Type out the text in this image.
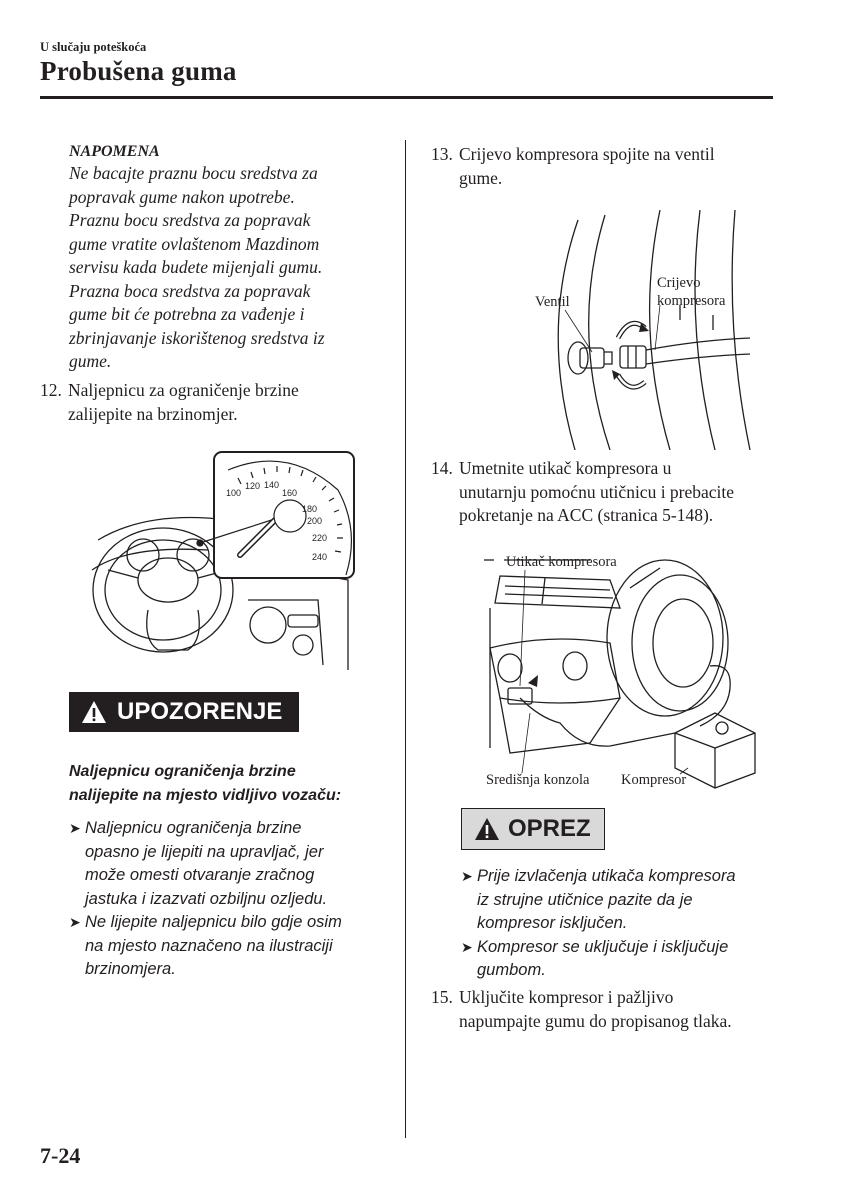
U slučaju poteškoća
Probušena guma
NAPOMENA
Ne bacajte praznu bocu sredstva za
popravak gume nakon upotrebe.
Praznu bocu sredstva za popravak
gume vratite ovlaštenom Mazdinom
servisu kada budete mijenjali gumu.
Prazna boca sredstva za popravak
gume bit će potrebna za vađenje i
zbrinjavanje iskorištenog sredstva iz
gume.
12. Naljepnicu za ograničenje brzine
zalijepite na brzinomjer.
100
120 140
160
180
200
220
240
UPOZORENJE
Naljepnicu ograničenja brzine
nalijepite na mjesto vidljivo vozaču:
➤ Naljepnicu ograničenja brzine
opasno je lijepiti na upravljač, jer
može omesti otvaranje zračnog
jastuka i izazvati ozbiljnu ozljedu.
➤ Ne lijepite naljepnicu bilo gdje osim
na mjesto naznačeno na ilustraciji
brzinomjera.
13. Crijevo kompresora spojite na ventil
gume.
Ventil
Crijevo
kompresora
14. Umetnite utikač kompresora u
unutarnju pomoćnu utičnicu i prebacite
pokretanje na ACC (stranica 5-148).
Utikač kompresora
Središnja konzola Kompresor
OPREZ
➤ Prije izvlačenja utikača kompresora
iz strujne utičnice pazite da je
kompresor isključen.
➤ Kompresor se uključuje i isključuje
gumbom.
15. Uključite kompresor i pažljivo
napumpajte gumu do propisanog tlaka.
7-24
